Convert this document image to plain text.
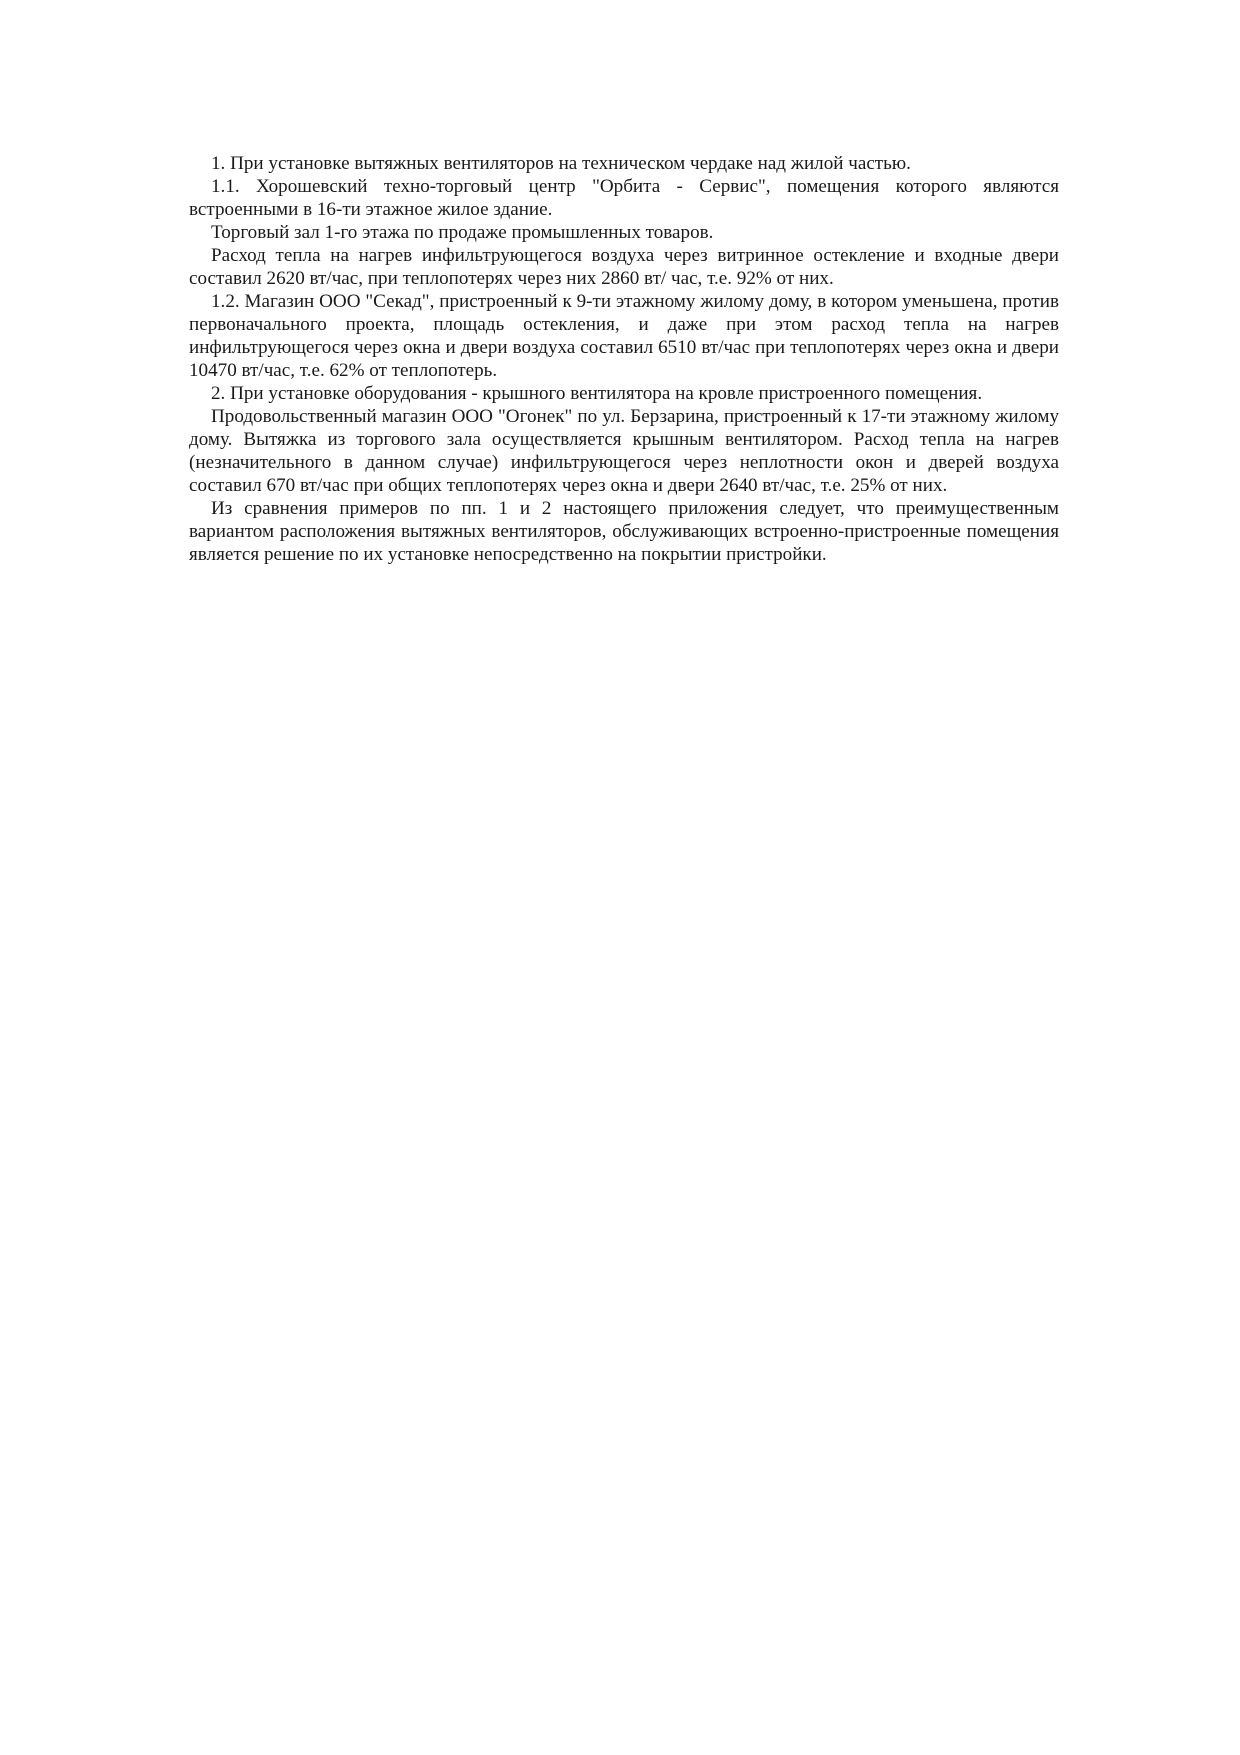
1. При установке вытяжных вентиляторов на техническом чердаке над жилой частью.

1.1. Хорошевский техно-торговый центр "Орбита - Сервис", помещения которого являются встроенными в 16-ти этажное жилое здание.

Торговый зал 1-го этажа по продаже промышленных товаров.

Расход тепла на нагрев инфильтрующегося воздуха через витринное остекление и входные двери составил 2620 вт/час, при теплопотерях через них 2860 вт/ час, т.е. 92% от них.

1.2. Магазин ООО "Секад", пристроенный к 9-ти этажному жилому дому, в котором уменьшена, против первоначального проекта, площадь остекления, и даже при этом расход тепла на нагрев инфильтрующегося через окна и двери воздуха составил 6510 вт/час при теплопотерях через окна и двери 10470 вт/час, т.е. 62% от теплопотерь.

2. При установке оборудования - крышного вентилятора на кровле пристроенного помещения.

Продовольственный магазин ООО "Огонек" по ул. Берзарина, пристроенный к 17-ти этажному жилому дому. Вытяжка из торгового зала осуществляется крышным вентилятором. Расход тепла на нагрев (незначительного в данном случае) инфильтрующегося через неплотности окон и дверей воздуха составил 670 вт/час при общих теплопотерях через окна и двери 2640 вт/час, т.е. 25% от них.

Из сравнения примеров по пп. 1 и 2 настоящего приложения следует, что преимущественным вариантом расположения вытяжных вентиляторов, обслуживающих встроенно-пристроенные помещения является решение по их установке непосредственно на покрытии пристройки.
